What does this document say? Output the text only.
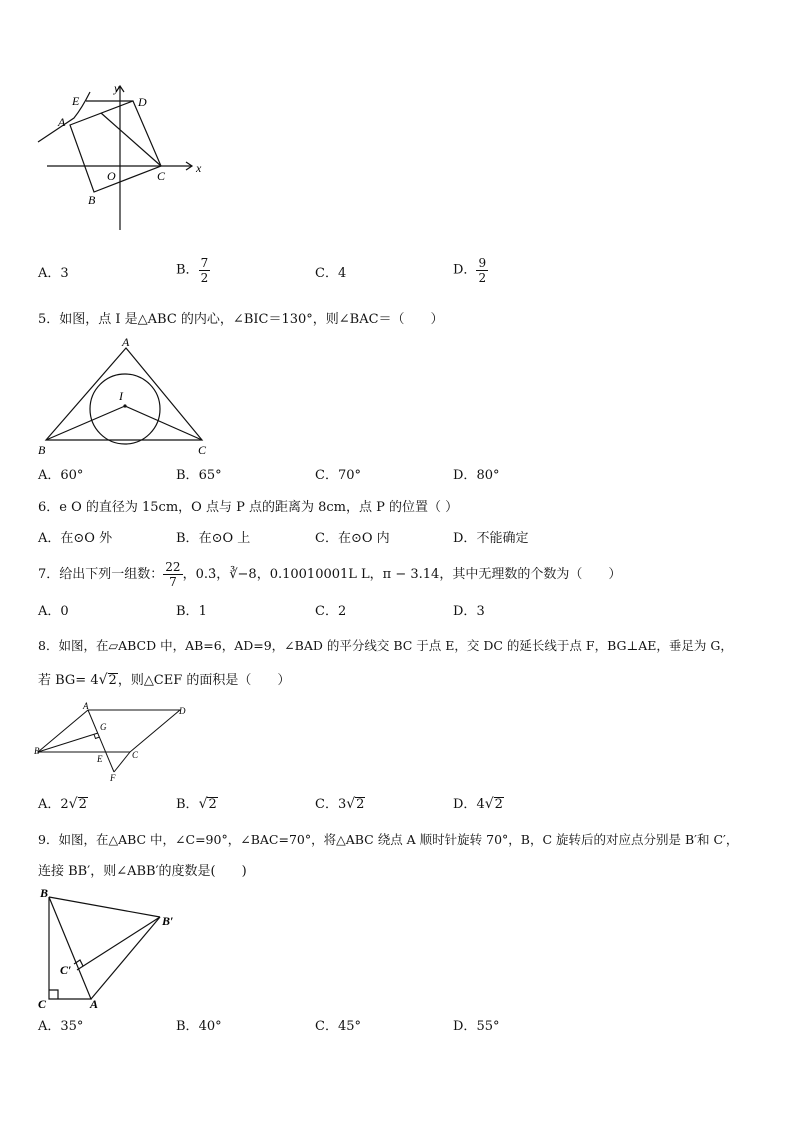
E
y
D
A
O	C
x
B
A．3	B． $\frac{7}{2}$	C．4	D． $\frac{9}{2}$
5．如图，点 I 是△ABC 的内心，∠BIC＝130°，则∠BAC＝（　　）
A
I
B	C
A．60°	B．65°	C．70°	D．80°
6．e O 的直径为 15cm，O 点与 P 点的距离为 8cm，点 P 的位置（ ）
A．在⊙O 外	B．在⊙O 上	C．在⊙O 内	D．不能确定
7．给出下列一组数： $\frac{22}{7}$ ，0.3̇，∛−8，0.10010001L L，π − 3.14，其中无理数的个数为（　　）
A．0	B．1	C．2	D．3
8．如图，在▱ABCD 中，AB=6，AD=9，∠BAD 的平分线交 BC 于点 E，交 DC 的延长线于点 F，BG⊥AE，垂足为 G，
若 BG= 4√2，则△CEF 的面积是（　　）
A	D
G
B
E	C
F
A．2√2	B．√2	C．3√2	D．4√2
9．如图，在△ABC 中，∠C=90°，∠BAC=70°，将△ABC 绕点 A 顺时针旋转 70°，B，C 旋转后的对应点分别是 B′和 C′，
连接 BB′，则∠ABB′的度数是(　　)
B
B′
C′
C	A
A．35°	B．40°	C．45°	D．55°
